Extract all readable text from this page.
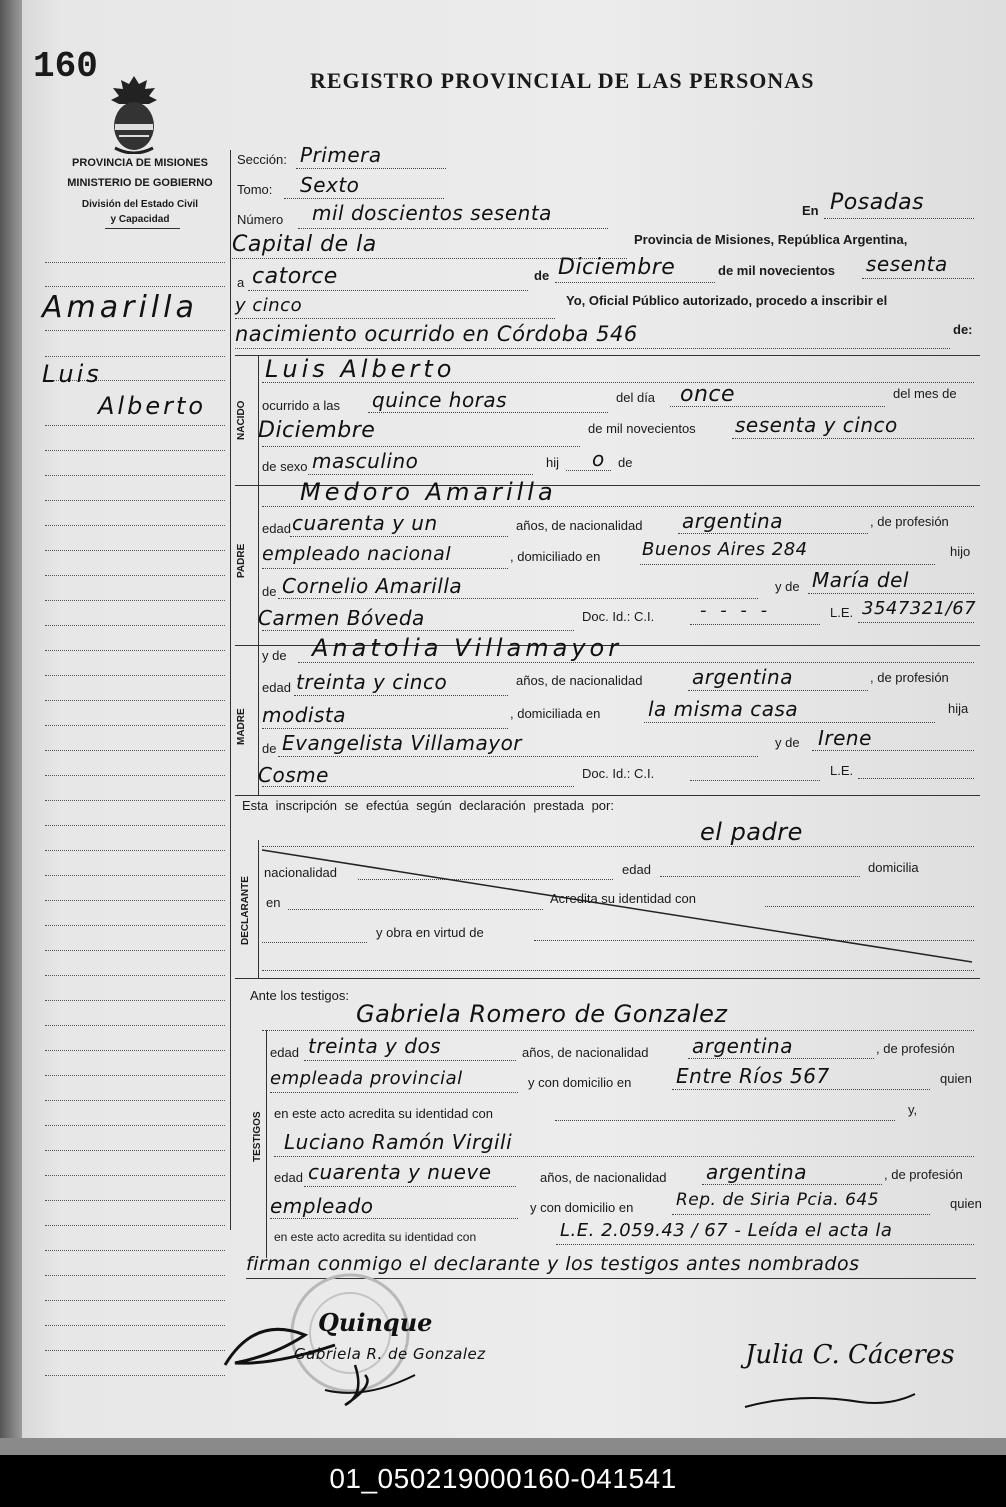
160	REGISTRO PROVINCIAL DE LAS PERSONAS
PROVINCIA DE MISIONES
MINISTERIO DE GOBIERNO
División del Estado Civil
y Capacidad
Amarilla
Luis
Alberto
Sección: Primera
Tomo: Sexto
Número mil doscientos sesenta	En Posadas
Capital de la	Provincia de Misiones, República Argentina,
a catorce	de Diciembre	de mil novecientos sesenta
y cinco	Yo, Oficial Público autorizado, procedo a inscribir el
nacimiento ocurrido en Córdoba 546	de:
NACIDO
Luis Alberto
ocurrido a las quince horas	del día once	del mes de
Diciembre	de mil novecientos sesenta y cinco
de sexo masculino	hij o de
PADRE
Medoro Amarilla
edad cuarenta y un	años, de nacionalidad argentina	, de profesión
empleado nacional	, domiciliado en Buenos Aires 284	hijo
de Cornelio Amarilla	y de María del
Carmen Bóveda	Doc. Id.: C.I.	- - - -	L.E. 3547321/67
MADRE
y de Anatolia Villamayor
edad treinta y cinco	años, de nacionalidad argentina	, de profesión
modista	, domiciliada en la misma casa	hija
de Evangelista Villamayor	y de Irene
Cosme	Doc. Id.: C.I.	L.E.
Esta inscripción se efectúa según declaración prestada por:
el padre
DECLARANTE
nacionalidad	edad	domicilia
en	Acredita su identidad con
y obra en virtud de
Ante los testigos:
Gabriela Romero de Gonzalez
TESTIGOS
edad treinta y dos	años, de nacionalidad argentina	, de profesión
empleada provincial	y con domicilio en Entre Ríos 567	quien
en este acto acredita su identidad con	y,
Luciano Ramón Virgili
edad cuarenta y nueve	años, de nacionalidad argentina	, de profesión
empleado	y con domicilio en	Rep. de Siria Pcia. 645	quien
en este acto acredita su identidad con	L.E. 2.059.43 / 67 - Leída el acta la
firman conmigo el declarante y los testigos antes nombrados
Quinque
Gabriela R. de Gonzalez	Julia C. Cáceres
01_050219000160-041541
